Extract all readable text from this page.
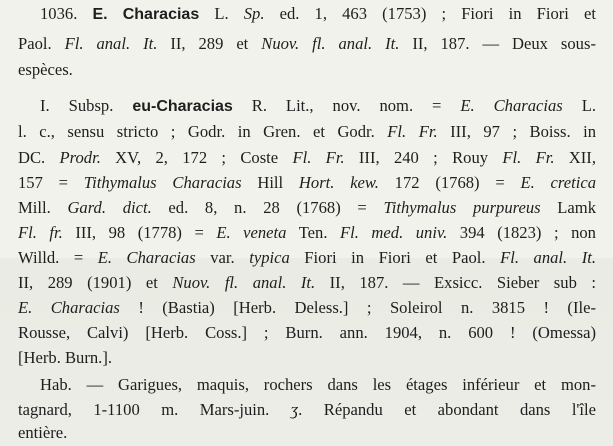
1036. E. Characias L. Sp. ed. 1, 463 (1753) ; Fiori in Fiori et
Paol. Fl. anal. It. II, 289 et Nuov. fl. anal. It. II, 187. — Deux sous-
espèces.
I. Subsp. eu-Characias R. Lit., nov. nom. = E. Characias L.
l. c., sensu stricto ; Godr. in Gren. et Godr. Fl. Fr. III, 97 ; Boiss. in
DC. Prodr. XV, 2, 172 ; Coste Fl. Fr. III, 240 ; Rouy Fl. Fr. XII,
157 = Tithymalus Characias Hill Hort. kew. 172 (1768) = E. cretica
Mill. Gard. dict. ed. 8, n. 28 (1768) = Tithymalus purpureus Lamk
Fl. fr. III, 98 (1778) = E. veneta Ten. Fl. med. univ. 394 (1823) ; non
Willd. = E. Characias var. typica Fiori in Fiori et Paol. Fl. anal. It.
II, 289 (1901) et Nuov. fl. anal. It. II, 187. — Exsicc. Sieber sub :
E. Characias ! (Bastia) [Herb. Deless.] ; Soleirol n. 3815 ! (Ile-
Rousse, Calvi) [Herb. Coss.] ; Burn. ann. 1904, n. 600 ! (Omessa)
[Herb. Burn.].
Hab. — Garigues, maquis, rochers dans les étages inférieur et mon-
tagnard, 1-1100 m. Mars-juin. ʒ. Répandu et abondant dans l'île
entière.
